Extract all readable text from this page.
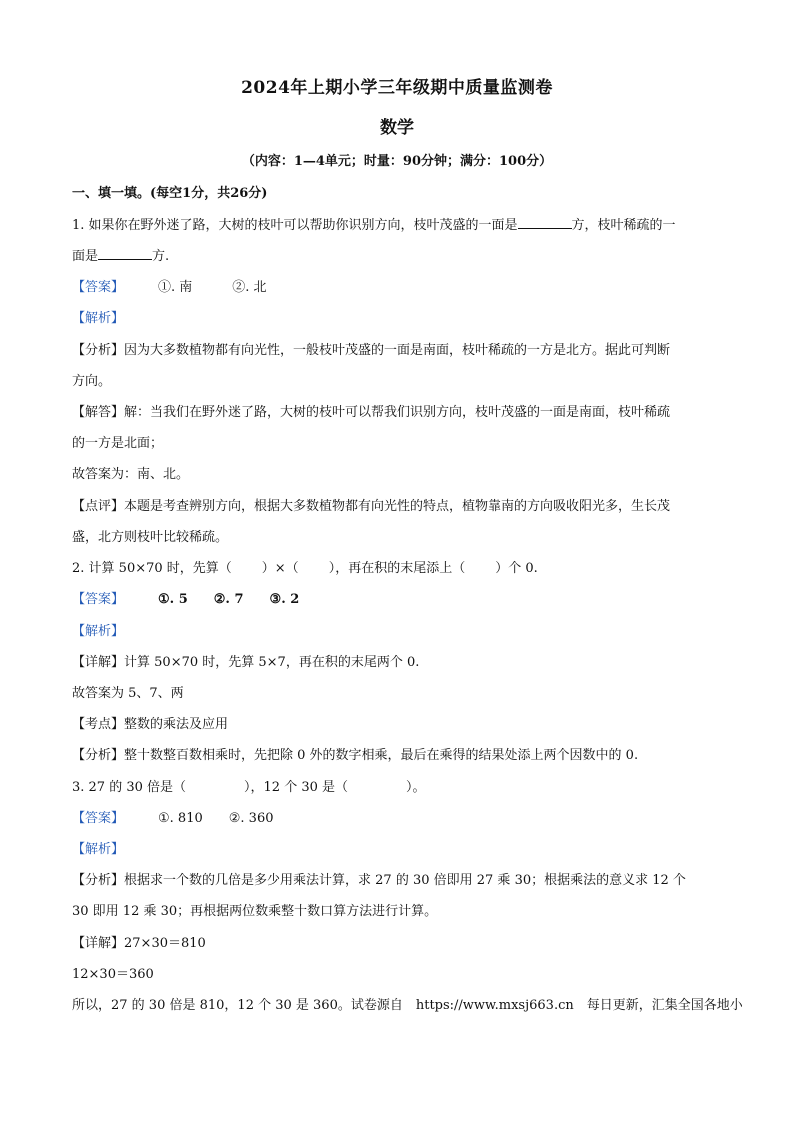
2024年上期小学三年级期中质量监测卷
数学
（内容：1—4单元；时量：90分钟；满分：100分）
一、填一填。(每空1分，共26分)
1. 如果你在野外迷了路，大树的枝叶可以帮助你识别方向，枝叶茂盛的一面是	方，枝叶稀疏的一
面是	方.
【答案】	①. 南	②. 北
【解析】
【分析】因为大多数植物都有向光性，一般枝叶茂盛的一面是南面，枝叶稀疏的一方是北方。据此可判断
方向。
【解答】解：当我们在野外迷了路，大树的枝叶可以帮我们识别方向，枝叶茂盛的一面是南面，枝叶稀疏
的一方是北面；
故答案为：南、北。
【点评】本题是考查辨别方向，根据大多数植物都有向光性的特点，植物靠南的方向吸收阳光多，生长茂
盛，北方则枝叶比较稀疏。
2. 计算 50×70 时，先算（ ）×（ ），再在积的末尾添上（ ）个 0.
【答案】	①. 5 ②. 7 ③. 2
【解析】
【详解】计算 50×70 时，先算 5×7，再在积的末尾两个 0.
故答案为 5、7、两
【考点】整数的乘法及应用
【分析】整十数整百数相乘时，先把除 0 外的数字相乘，最后在乘得的结果处添上两个因数中的 0.
3. 27 的 30 倍是（	），12 个 30 是（	）。
【答案】	①. 810 ②. 360
【解析】
【分析】根据求一个数的几倍是多少用乘法计算，求 27 的 30 倍即用 27 乘 30；根据乘法的意义求 12 个
30 即用 12 乘 30；再根据两位数乘整十数口算方法进行计算。
【详解】27×30＝810
12×30＝360
所以，27 的 30 倍是 810，12 个 30 是 360。试卷源自　https://www.mxsj663.cn　每日更新，汇集全国各地小
